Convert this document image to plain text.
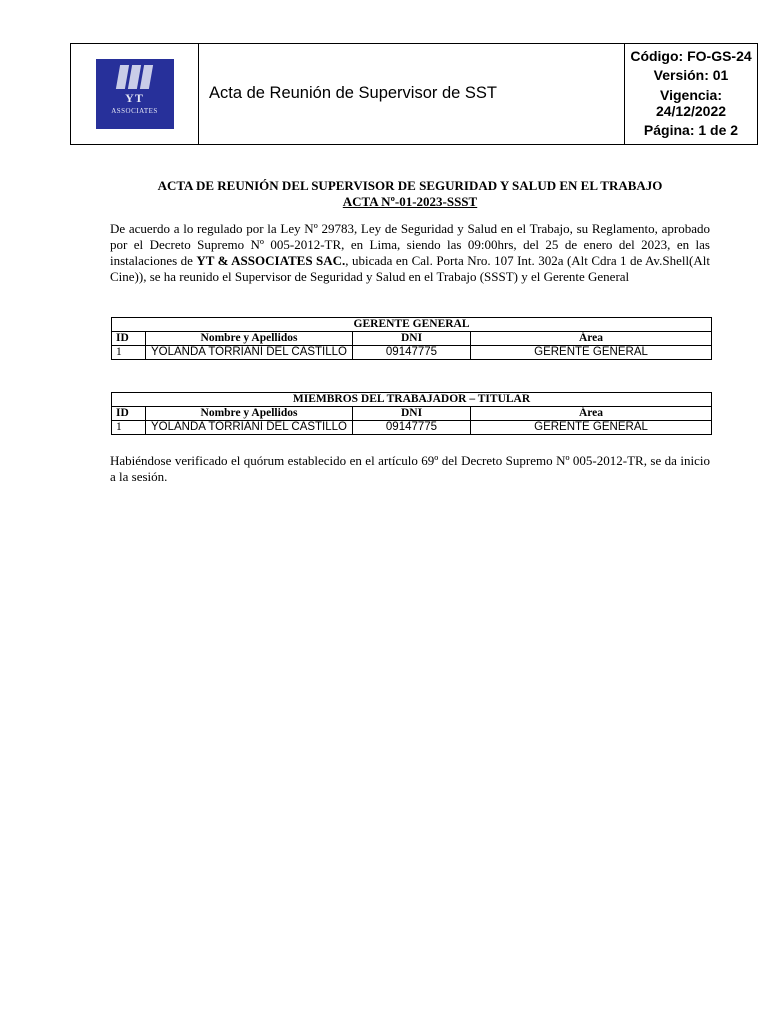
YT
ASSOCIATES
Acta de Reunión de Supervisor de SST
Código: FO-GS-24
Versión: 01
Vigencia: 24/12/2022
Página: 1 de 2
ACTA DE REUNIÓN DEL SUPERVISOR DE SEGURIDAD Y SALUD EN EL TRABAJO
ACTA Nº-01-2023-SSST

De acuerdo a lo regulado por la Ley Nº 29783, Ley de Seguridad y Salud en el Trabajo, su Reglamento, aprobado por el Decreto Supremo Nº 005-2012-TR, en Lima, siendo las 09:00hrs, del 25 de enero del 2023, en las instalaciones de YT & ASSOCIATES SAC., ubicada en Cal. Porta Nro. 107 Int. 302a (Alt Cdra 1 de Av.Shell(Alt Cine)), se ha reunido el Supervisor de Seguridad y Salud en el Trabajo (SSST) y el Gerente General

GERENTE GENERAL			
ID	Nombre y Apellidos	DNI	Área
1	YOLANDA TORRIANI DEL CASTILLO	09147775	GERENTE GENERAL
MIEMBROS DEL TRABAJADOR – TITULAR			
ID	Nombre y Apellidos	DNI	Área
1	YOLANDA TORRIANI DEL CASTILLO	09147775	GERENTE GENERAL

Habiéndose verificado el quórum establecido en el artículo 69º del Decreto Supremo Nº 005-2012-TR, se da inicio a la sesión.
